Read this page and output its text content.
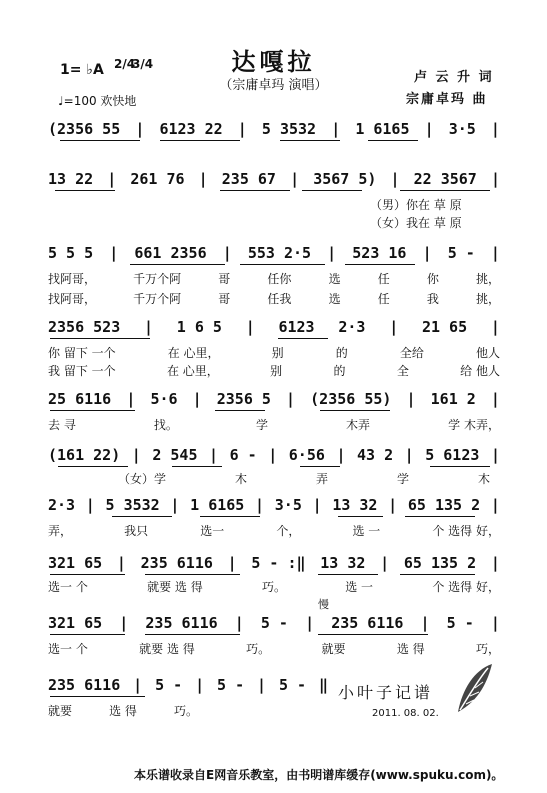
达嘎拉
（宗庸卓玛 演唱）
1= ♭A 2/4
3/4
♩=100 欢快地
卢 云 升 词
宗庸卓玛 曲
(2356 55 | 6123 22 | 5 3532 | 1 6165 | 3·5 |
13 22 | 261 76 | 235 67 | 3567 5) | 22 3567 |
（男）你在 草 原
（女）我在 草 原
5 5 5 | 661 2356 | 553 2·5 | 523 16 | 5 - |
找阿哥，	千万个阿	哥	任你	选	任	你	挑，
找阿哥，	千万个阿	哥	任我	选	任	我	挑，
2356 523 | 1 6 5 | 6123 2·3 | 21 65 |
你 留下 一个	在 心里，	别	的	全给	他人
我 留下 一个	在 心里，	别	的	全	给 他人
25 6116 | 5·6 | 2356 5 | (2356 55) | 161 2 |
去 寻	找。	学	木弄	学 木弄，
(161 22) | 2 545 | 6 - | 6·56 | 43 2 | 5 6123 |
（女）学	木	弄	学	木
2·3 | 5 3532 | 1 6165 | 3·5 | 13 32 | 65 135 2 |
弄，	我只	选一	个，	选 一	个 选得 好，
321 65 | 235 6116 | 5 - :‖ 13 32 | 65 135 2 |
选一 个	就要 选 得	巧。	选 一	个 选得 好，
慢
321 65 | 235 6116 | 5 - | 235 6116 | 5 - |
选一 个	就要 选 得	巧。	就要	选 得	巧，
235 6116 | 5 - | 5 - | 5 - ‖
就要	选 得	巧。
小叶子记谱
2011. 08. 02.
本乐谱收录自E网音乐教室，由书明谱库缓存(www.spuku.com)。
